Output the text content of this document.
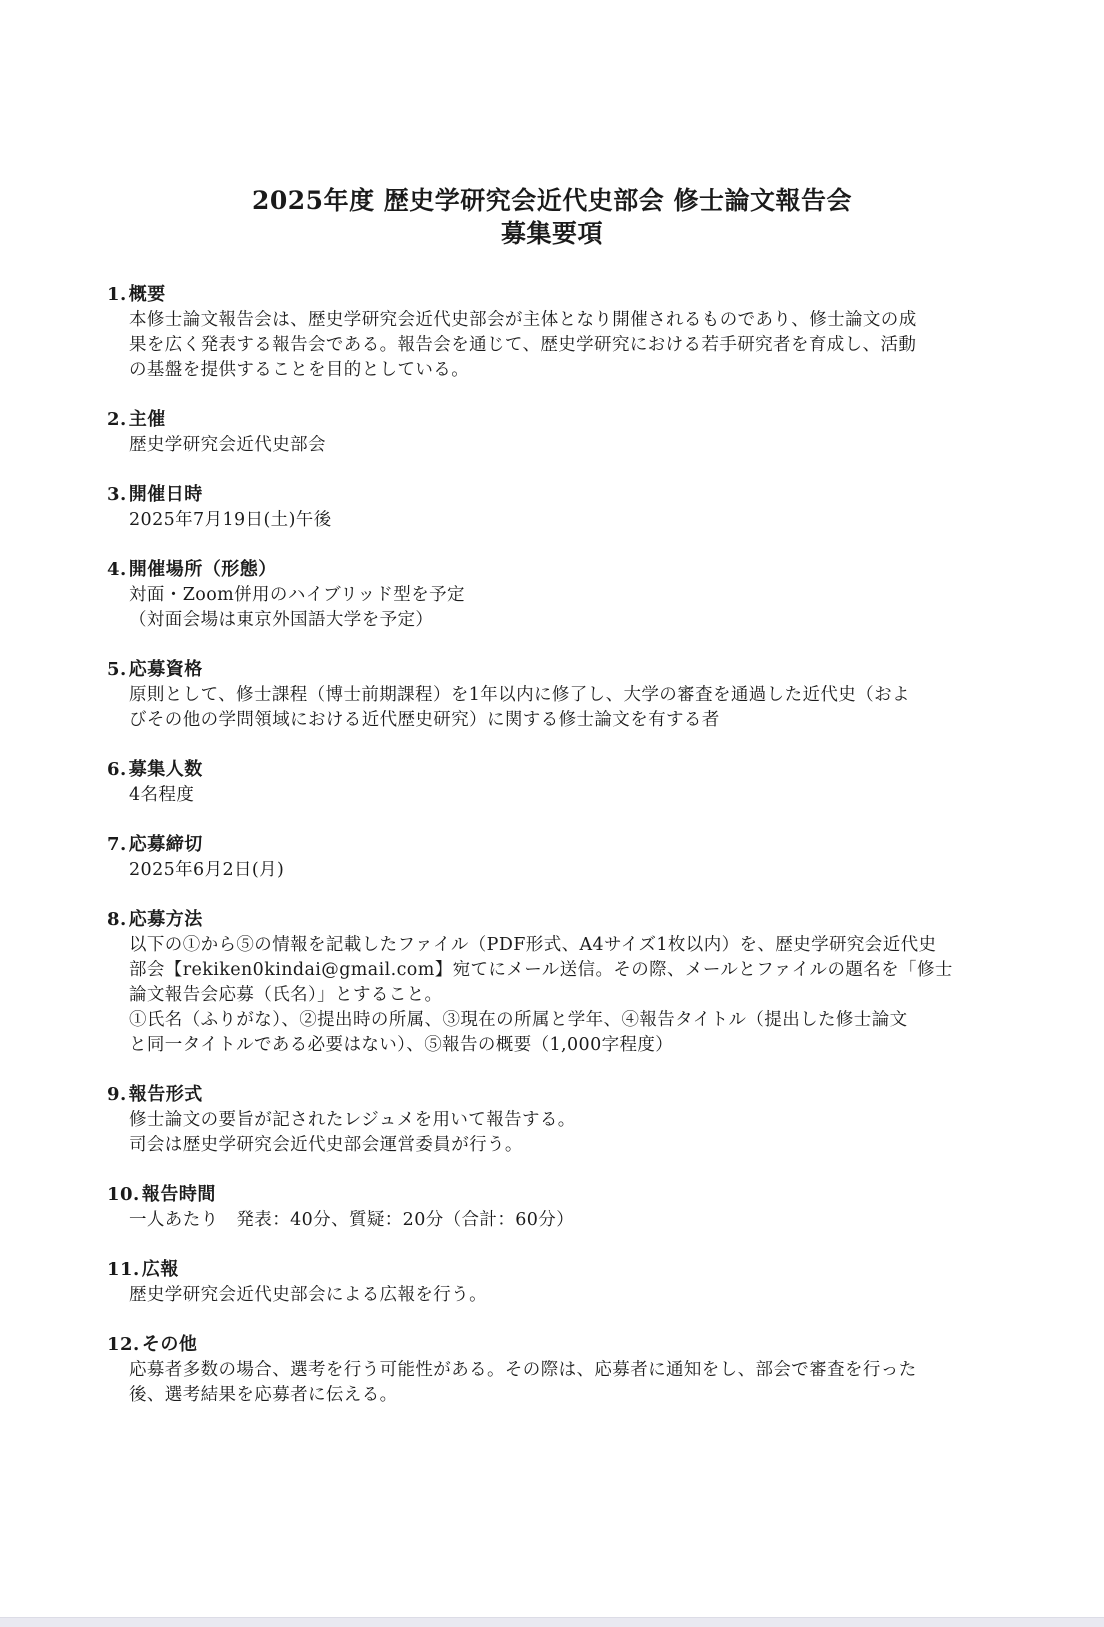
2025年度 歴史学研究会近代史部会 修士論文報告会
募集要項
1. 概要

本修士論文報告会は、歴史学研究会近代史部会が主体となり開催されるものであり、修士論文の成

果を広く発表する報告会である。報告会を通じて、歴史学研究における若手研究者を育成し、活動

の基盤を提供することを目的としている。

2. 主催

歴史学研究会近代史部会

3. 開催日時

2025年7月19日(土)午後

4. 開催場所（形態）

対面・Zoom併用のハイブリッド型を予定

（対面会場は東京外国語大学を予定）

5. 応募資格

原則として、修士課程（博士前期課程）を1年以内に修了し、大学の審査を通過した近代史（およ

びその他の学問領域における近代歴史研究）に関する修士論文を有する者

6. 募集人数

4名程度

7. 応募締切

2025年6月2日(月)

8. 応募方法

以下の①から⑤の情報を記載したファイル（PDF形式、A4サイズ1枚以内）を、歴史学研究会近代史

部会【rekiken0kindai@gmail.com】宛てにメール送信。その際、メールとファイルの題名を「修士

論文報告会応募（氏名）」とすること。

①氏名（ふりがな）、②提出時の所属、③現在の所属と学年、④報告タイトル（提出した修士論文

と同一タイトルである必要はない）、⑤報告の概要（1,000字程度）

9. 報告形式

修士論文の要旨が記されたレジュメを用いて報告する。

司会は歴史学研究会近代史部会運営委員が行う。

10. 報告時間

一人あたり　発表：40分、質疑：20分（合計：60分）

11. 広報

歴史学研究会近代史部会による広報を行う。

12. その他

応募者多数の場合、選考を行う可能性がある。その際は、応募者に通知をし、部会で審査を行った

後、選考結果を応募者に伝える。
